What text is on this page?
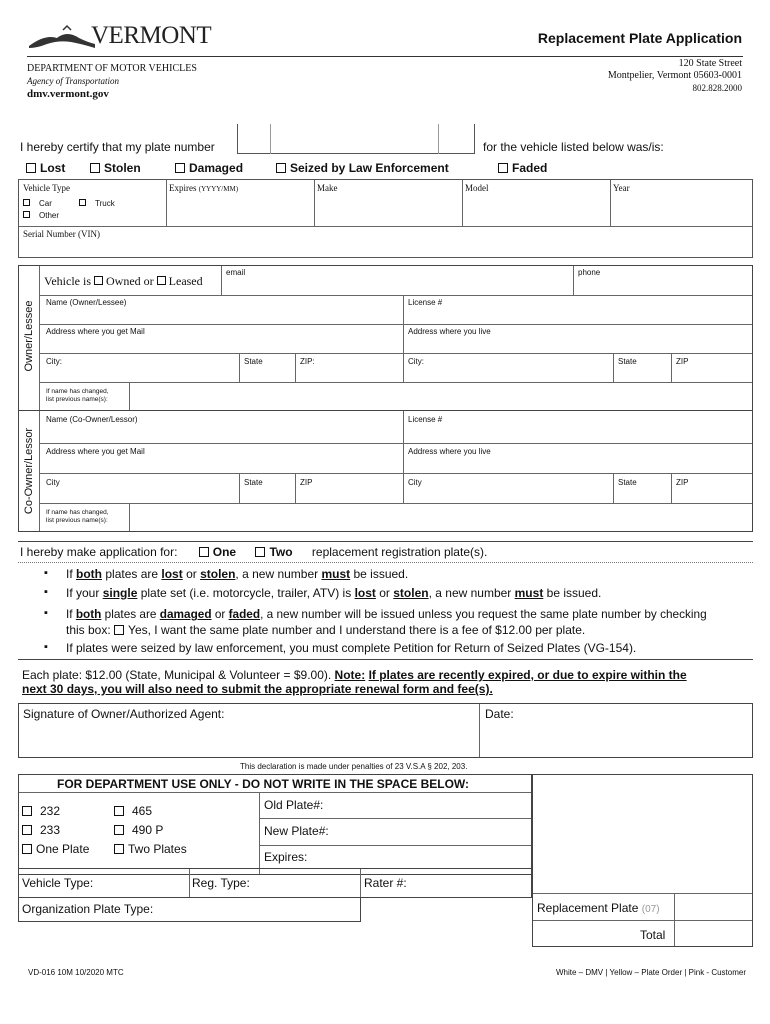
VERMONT	Replacement Plate Application
DEPARTMENT OF MOTOR VEHICLES
Agency of Transportation
dmv.vermont.gov
120 State Street
Montpelier, Vermont 05603-0001
802.828.2000
I hereby certify that my plate number	for the vehicle listed below was/is:
Lost	Stolen	Damaged	Seized by Law Enforcement	Faded
Vehicle Type
Car	Truck
Other
Expires (YYYY/MM)	Make	Model	Year
Serial Number (VIN)
Owner/Lessee
Vehicle is Owned or Leased
email	phone
Name (Owner/Lessee)	License #
Address where you get Mail	Address where you live
City:	State	ZIP:	City:	State	ZIP
If name has changed,
list previous name(s):
Co-Owner/Lessor
Name (Co-Owner/Lessor)	License #
Address where you get Mail	Address where you live
City	State	ZIP	City	State	ZIP
If name has changed,
list previous name(s):
I hereby make application for:	One	Two replacement registration plate(s).
▪ If both plates are lost or stolen, a new number must be issued.
▪ If your single plate set (i.e. motorcycle, trailer, ATV) is lost or stolen, a new number must be issued.
▪ If both plates are damaged or faded, a new number will be issued unless you request the same plate number by checking
this box: Yes, I want the same plate number and I understand there is a fee of $12.00 per plate.
▪ If plates were seized by law enforcement, you must complete Petition for Return of Seized Plates (VG-154).
Each plate: $12.00 (State, Municipal & Volunteer = $9.00). Note: If plates are recently expired, or due to expire within the
next 30 days, you will also need to submit the appropriate renewal form and fee(s).
Signature of Owner/Authorized Agent:	Date:
This declaration is made under penalties of 23 V.S.A § 202, 203.
FOR DEPARTMENT USE ONLY - DO NOT WRITE IN THE SPACE BELOW:
232	465
233	490 P
One Plate	Two Plates
Old Plate#:
New Plate#:
Expires:
Replacement Plate (07)
Total
Vehicle Type:	Reg. Type:	Rater #:
Organization Plate Type:
VD-016 10M 10/2020 MTC	White – DMV | Yellow – Plate Order | Pink - Customer
